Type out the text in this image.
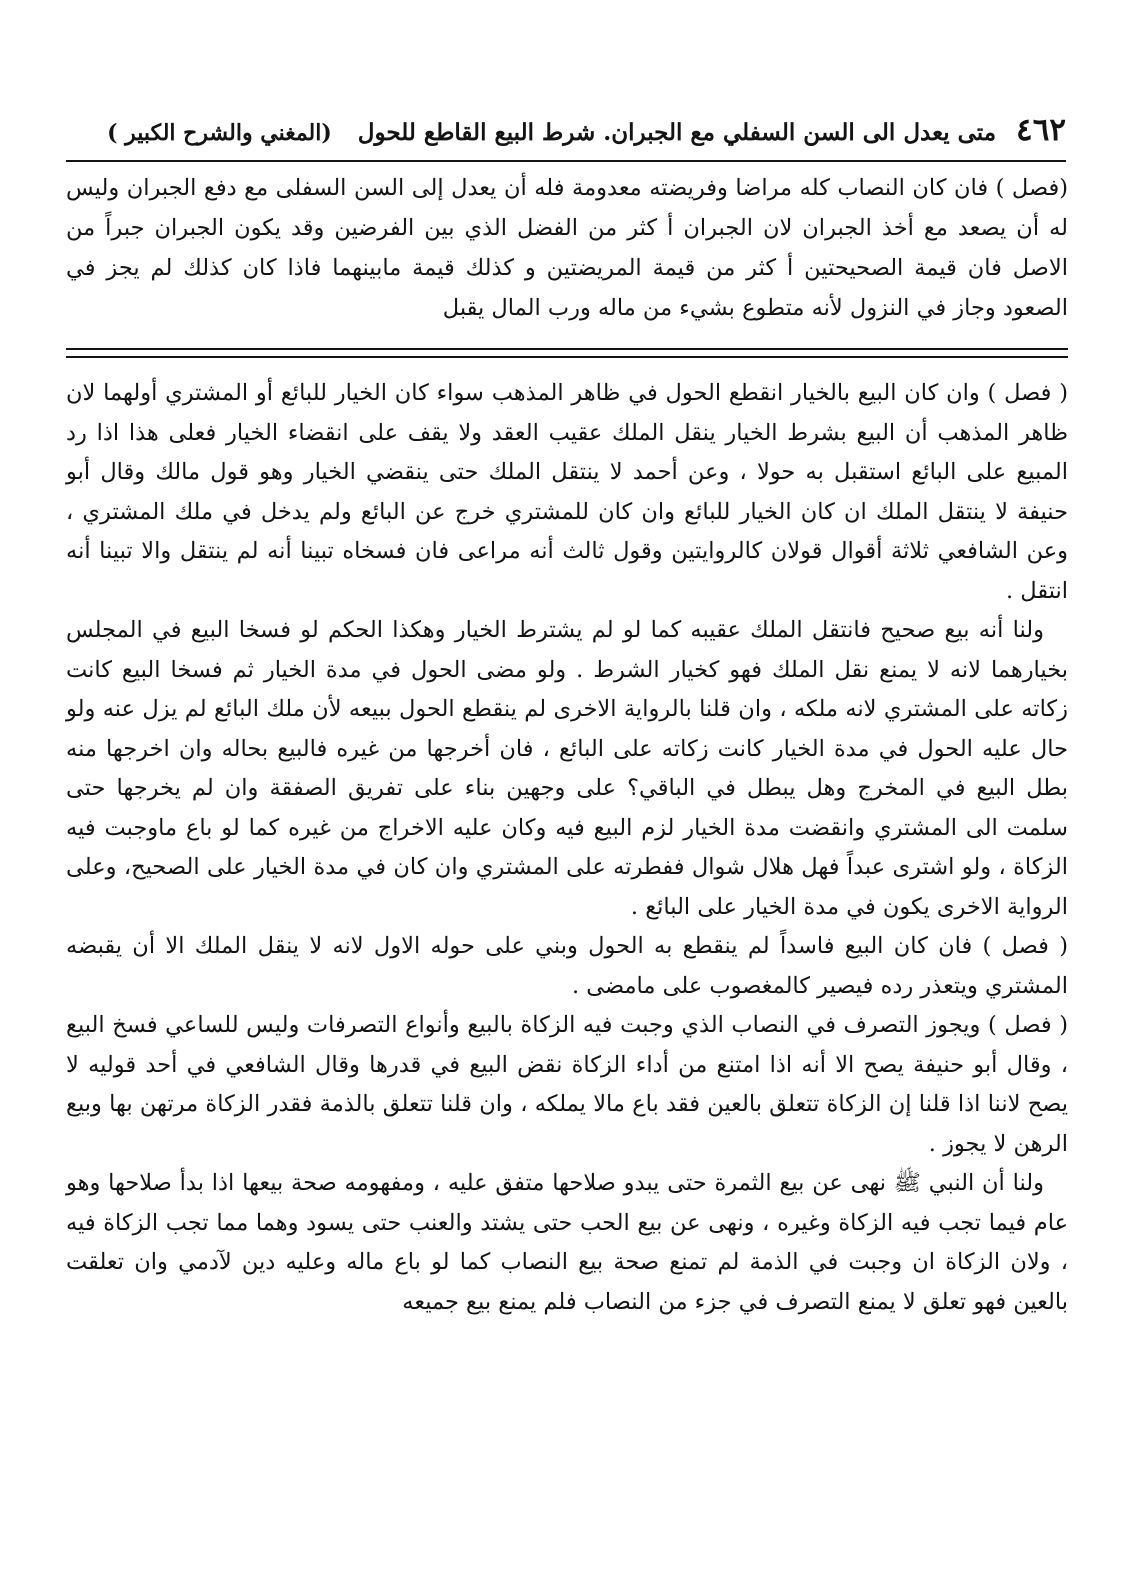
٤٦٢
متى يعدل الى السن السفلي مع الجبران. شرط البيع القاطع للحول
(المغني والشرح الكبير )

(فصل ) فان كان النصاب كله مراضا وفريضته معدومة فله أن يعدل إلى السن السفلى مع دفع الجبران وليس له أن يصعد مع أخذ الجبران لان الجبران أ كثر من الفضل الذي بين الفرضين وقد يكون الجبران جبراً من الاصل فان قيمة الصحيحتين أ كثر من قيمة المريضتين و كذلك قيمة مابينهما فاذا كان كذلك لم يجز في الصعود وجاز في النزول لأنه متطوع بشيء من ماله ورب المال يقبل

( فصل ) وان كان البيع بالخيار انقطع الحول في ظاهر المذهب سواء كان الخيار للبائع أو المشتري أولهما لان ظاهر المذهب أن البيع بشرط الخيار ينقل الملك عقيب العقد ولا يقف على انقضاء الخيار فعلى هذا اذا رد المبيع على البائع استقبل به حولا ، وعن أحمد لا ينتقل الملك حتى ينقضي الخيار وهو قول مالك وقال أبو حنيفة لا ينتقل الملك ان كان الخيار للبائع وان كان للمشتري خرج عن البائع ولم يدخل في ملك المشتري ، وعن الشافعي ثلاثة أقوال قولان كالروايتين وقول ثالث أنه مراعى فان فسخاه تبينا أنه لم ينتقل والا تبينا أنه انتقل .

ولنا أنه بيع صحيح فانتقل الملك عقيبه كما لو لم يشترط الخيار وهكذا الحكم لو فسخا البيع في المجلس بخيارهما لانه لا يمنع نقل الملك فهو كخيار الشرط . ولو مضى الحول في مدة الخيار ثم فسخا البيع كانت زكاته على المشتري لانه ملكه ، وان قلنا بالرواية الاخرى لم ينقطع الحول ببيعه لأن ملك البائع لم يزل عنه ولو حال عليه الحول في مدة الخيار كانت زكاته على البائع ، فان أخرجها من غيره فالبيع بحاله وان اخرجها منه بطل البيع في المخرج وهل يبطل في الباقي؟ على وجهين بناء على تفريق الصفقة وان لم يخرجها حتى سلمت الى المشتري وانقضت مدة الخيار لزم البيع فيه وكان عليه الاخراج من غيره كما لو باع ماوجبت فيه الزكاة ، ولو اشترى عبداً فهل هلال شوال ففطرته على المشتري وان كان في مدة الخيار على الصحيح، وعلى الرواية الاخرى يكون في مدة الخيار على البائع .

( فصل ) فان كان البيع فاسداً لم ينقطع به الحول وبني على حوله الاول لانه لا ينقل الملك الا أن يقبضه المشتري ويتعذر رده فيصير كالمغصوب على مامضى .

( فصل ) ويجوز التصرف في النصاب الذي وجبت فيه الزكاة بالبيع وأنواع التصرفات وليس للساعي فسخ البيع ، وقال أبو حنيفة يصح الا أنه اذا امتنع من أداء الزكاة نقض البيع في قدرها وقال الشافعي في أحد قوليه لا يصح لاننا اذا قلنا إن الزكاة تتعلق بالعين فقد باع مالا يملكه ، وان قلنا تتعلق بالذمة فقدر الزكاة مرتهن بها وبيع الرهن لا يجوز .

ولنا أن النبي ﷺ نهى عن بيع الثمرة حتى يبدو صلاحها متفق عليه ، ومفهومه صحة بيعها اذا بدأ صلاحها وهو عام فيما تجب فيه الزكاة وغيره ، ونهى عن بيع الحب حتى يشتد والعنب حتى يسود وهما مما تجب الزكاة فيه ، ولان الزكاة ان وجبت في الذمة لم تمنع صحة بيع النصاب كما لو باع ماله وعليه دين لآدمي وان تعلقت بالعين فهو تعلق لا يمنع التصرف في جزء من النصاب فلم يمنع بيع جميعه
